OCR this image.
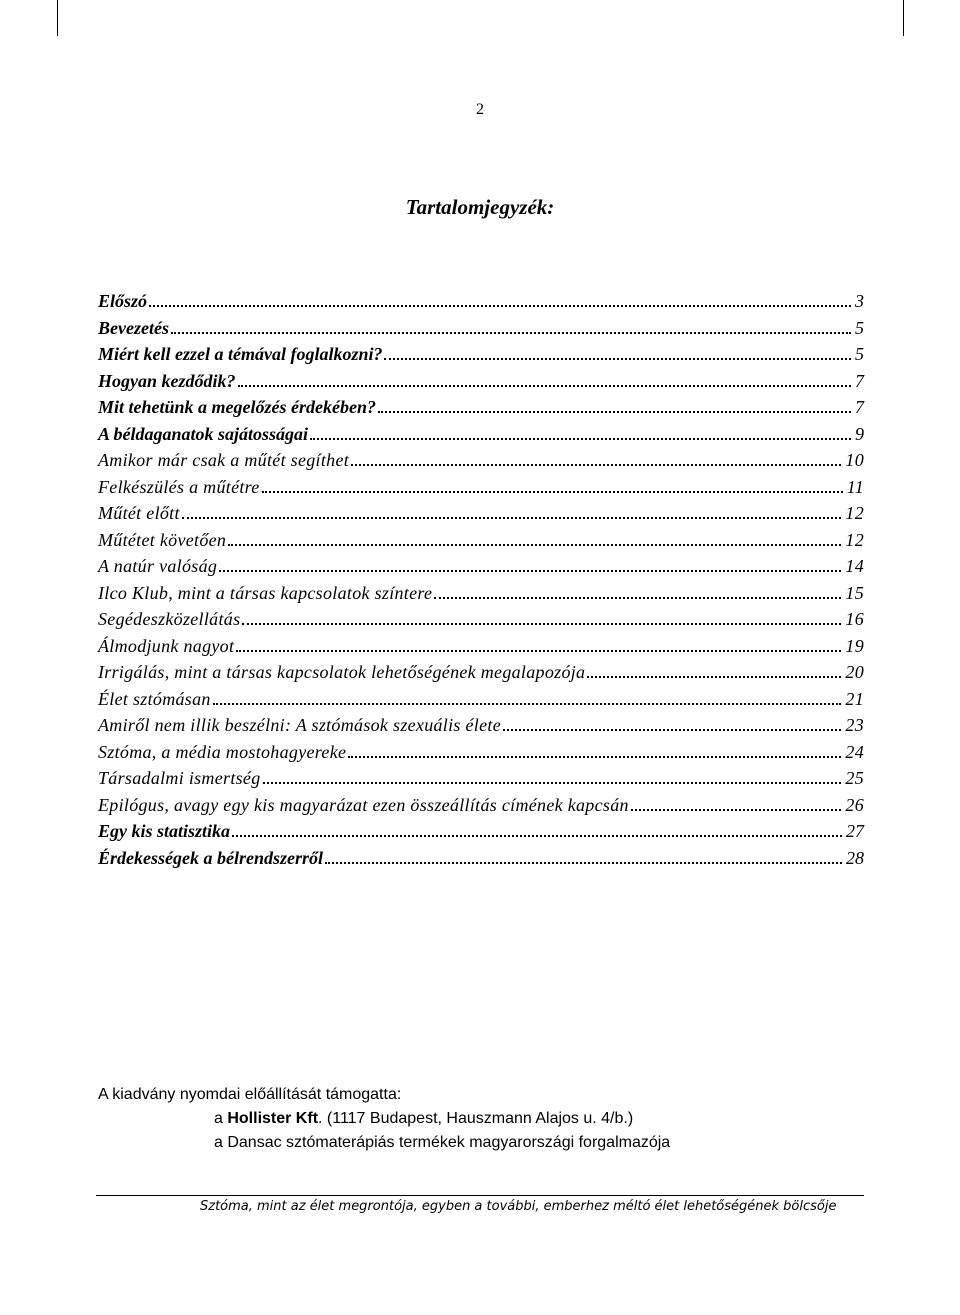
2
Tartalomjegyzék:
Előszó	3
Bevezetés	5
Miért kell ezzel a témával foglalkozni?	5
Hogyan kezdődik?	7
Mit tehetünk a megelőzés érdekében?	7
A béldaganatok sajátosságai	9
Amikor már csak a műtét segíthet	10
Felkészülés a műtétre	11
Műtét előtt	12
Műtétet követően	12
A natúr valóság	14
Ilco Klub, mint a társas kapcsolatok színtere	15
Segédeszközellátás	16
Álmodjunk nagyot	19
Irrigálás, mint a társas kapcsolatok lehetőségének megalapozója	20
Élet sztómásan	21
Amiről nem illik beszélni: A sztómások szexuális élete	23
Sztóma, a média mostohagyereke	24
Társadalmi ismertség	25
Epilógus, avagy egy kis magyarázat ezen összeállítás címének kapcsán	26
Egy kis statisztika	27
Érdekességek a bélrendszerről	28
A kiadvány nyomdai előállítását támogatta:
a Hollister Kft. (1117 Budapest, Hauszmann Alajos u. 4/b.)
a Dansac sztómaterápiás termékek magyarországi forgalmazója
Sztóma, mint az élet megrontója, egyben a további, emberhez méltó élet lehetőségének bölcsője
